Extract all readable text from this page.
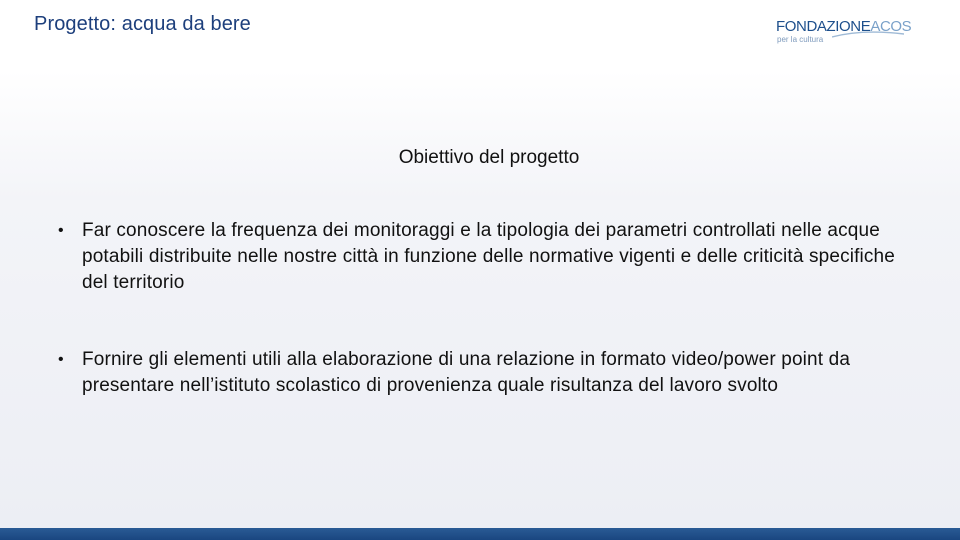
Progetto: acqua da bere	FONDAZIONEACOS
per la cultura
Obiettivo del progetto
• Far conoscere la frequenza dei monitoraggi e la tipologia dei parametri controllati nelle acque potabili distribuite nelle nostre città in funzione delle normative vigenti e delle criticità specifiche del territorio
• Fornire gli elementi utili alla elaborazione di una relazione in formato video/power point da presentare nell’istituto scolastico di provenienza quale risultanza del lavoro svolto
